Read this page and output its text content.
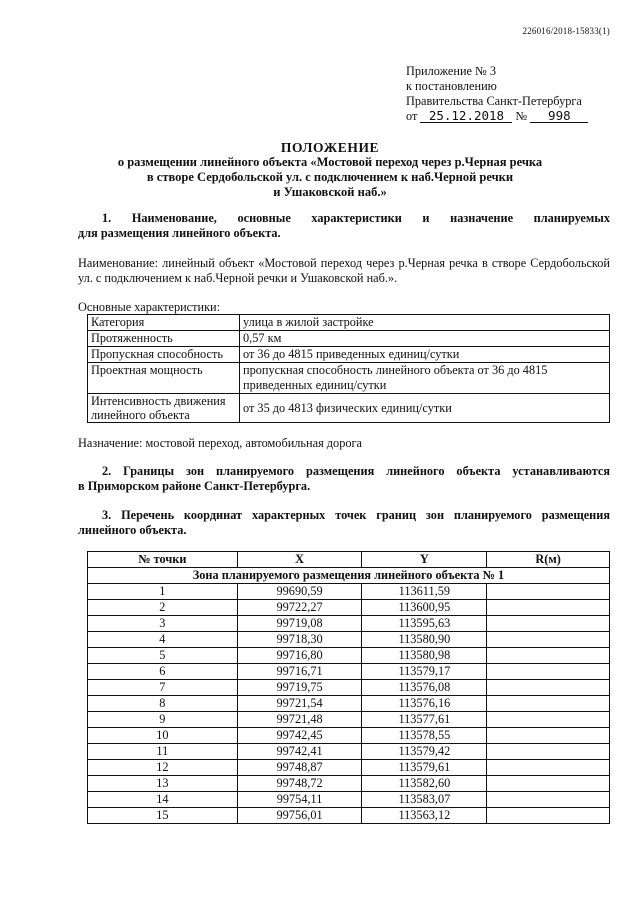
226016/2018-15833(1)
Приложение № 3
к постановлению
Правительства Санкт-Петербурга
от 25.12.2018 № 998
ПОЛОЖЕНИЕ
о размещении линейного объекта «Мостовой переход через р.Черная речка
в створе Сердобольской ул. с подключением к наб.Черной речки
и Ушаковской наб.»
1. Наименование, основные характеристики и назначение планируемых
для размещения линейного объекта.
Наименование: линейный объект «Мостовой переход через р.Черная речка в створе Сердобольской ул. с подключением к наб.Черной речки и Ушаковской наб.».
Основные характеристики:
Категория	улица в жилой застройке
Протяженность	0,57 км
Пропускная способность	от 36 до 4815 приведенных единиц/сутки
Проектная мощность	пропускная способность линейного объекта от 36 до 4815 приведенных единиц/сутки
Интенсивность движения линейного объекта	от 35 до 4813 физических единиц/сутки
Назначение: мостовой переход, автомобильная дорога
2. Границы зон планируемого размещения линейного объекта устанавливаются
в Приморском районе Санкт-Петербурга.
3. Перечень координат характерных точек границ зон планируемого размещения
линейного объекта.
№ точки	X	Y	R(м)
Зона планируемого размещения линейного объекта № 1			
1	99690,59	113611,59	
2	99722,27	113600,95	
3	99719,08	113595,63	
4	99718,30	113580,90	
5	99716,80	113580,98	
6	99716,71	113579,17	
7	99719,75	113576,08	
8	99721,54	113576,16	
9	99721,48	113577,61	
10	99742,45	113578,55	
11	99742,41	113579,42	
12	99748,87	113579,61	
13	99748,72	113582,60	
14	99754,11	113583,07	
15	99756,01	113563,12	
